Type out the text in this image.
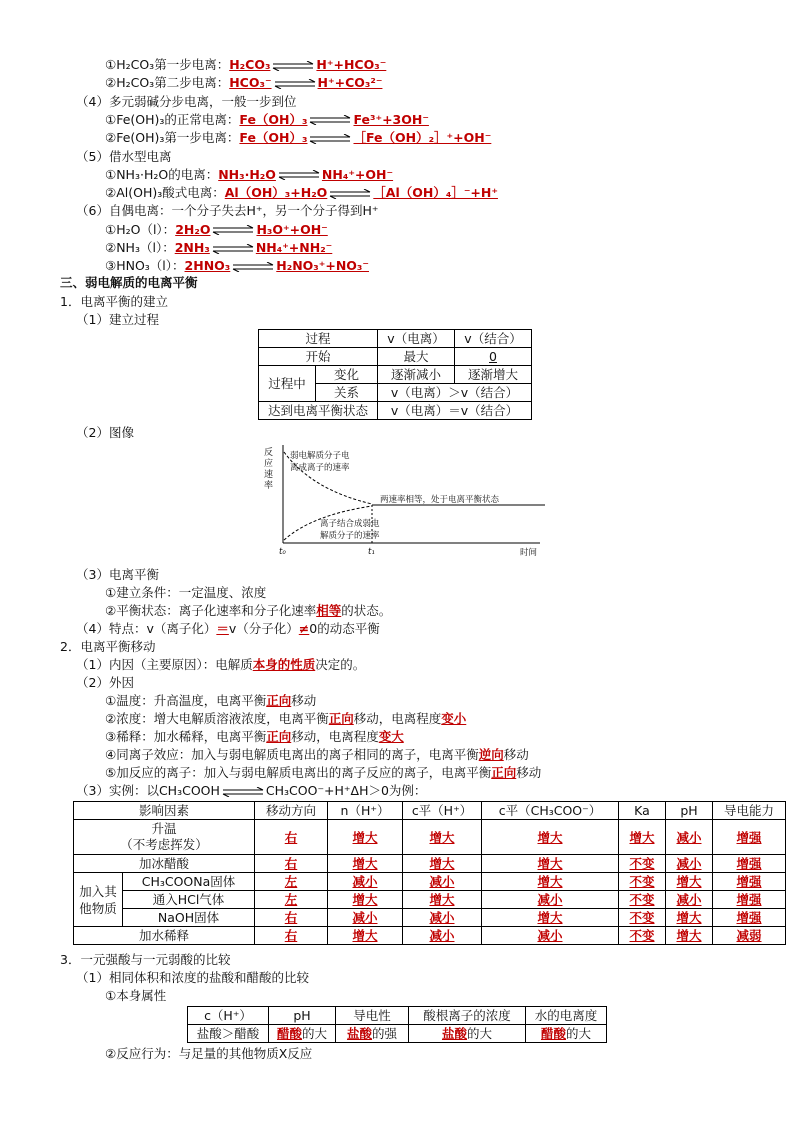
①H₂CO₃第一步电离：H₂CO₃⇌H⁺+HCO₃⁻
②H₂CO₃第二步电离：HCO₃⁻⇌H⁺+CO₃²⁻
（4）多元弱碱分步电离，一般一步到位
①Fe(OH)₃的正常电离：Fe（OH）₃⇌Fe³⁺+3OH⁻
②Fe(OH)₃第一步电离：Fe（OH）₃⇌［Fe（OH）₂］⁺+OH⁻
（5）借水型电离
①NH₃·H₂O的电离：NH₃·H₂O⇌NH₄⁺+OH⁻
②Al(OH)₃酸式电离：Al（OH）₃+H₂O⇌［Al（OH）₄］⁻+H⁺
（6）自偶电离：一个分子失去H⁺，另一个分子得到H⁺
①H₂O（l）：2H₂O⇌H₃O⁺+OH⁻
②NH₃（l）：2NH₃⇌NH₄⁺+NH₂⁻
③HNO₃（l）：2HNO₃⇌H₂NO₃⁺+NO₃⁻
三、弱电解质的电离平衡
1．电离平衡的建立
（1）建立过程
过程		v（电离）	v（结合）
开始		最大	0
过程中	变化	逐渐减小	逐渐增大
	关系	v（电离）＞v（结合）	
达到电离平衡状态		v（电离）＝v（结合）	
（2）图像
反
应
速
率
弱电解质分子电
离成离子的速率
两速率相等，处于电离平衡状态
离子结合成弱电
解质分子的速率
t₀	t₁	时间
（3）电离平衡
①建立条件：一定温度、浓度
②平衡状态：离子化速率和分子化速率相等的状态。
（4）特点：v（离子化）＝v（分子化）≠0的动态平衡
2．电离平衡移动
（1）内因（主要原因）：电解质本身的性质决定的。
（2）外因
①温度：升高温度，电离平衡正向移动
②浓度：增大电解质溶液浓度，电离平衡正向移动，电离程度变小
③稀释：加水稀释，电离平衡正向移动，电离程度变大
④同离子效应：加入与弱电解质电离出的离子相同的离子，电离平衡逆向移动
⑤加反应的离子：加入与弱电解质电离出的离子反应的离子，电离平衡正向移动
（3）实例：以CH₃COOH⇌CH₃COO⁻+H⁺ΔH＞0为例：
影响因素		移动方向	n（H⁺）	c平（H⁺）	c平（CH₃COO⁻）	Ka	pH	导电能力
升温
（不考虑挥发）		右	增大	增大	增大	增大	减小	增强
加冰醋酸		右	增大	增大	增大	不变	减小	增强
加入其
他物质	CH₃COONa固体	左	减小	减小	增大	不变	增大	增强
	通入HCl气体	左	增大	增大	减小	不变	减小	增强
	NaOH固体	右	减小	减小	增大	不变	增大	增强
加水稀释		右	增大	减小	减小	不变	增大	减弱
3．一元强酸与一元弱酸的比较
（1）相同体积和浓度的盐酸和醋酸的比较
①本身属性
c（H⁺）	pH	导电性	酸根离子的浓度	水的电离度
盐酸＞醋酸	醋酸的大	盐酸的强	盐酸的大	醋酸的大
②反应行为：与足量的其他物质X反应
